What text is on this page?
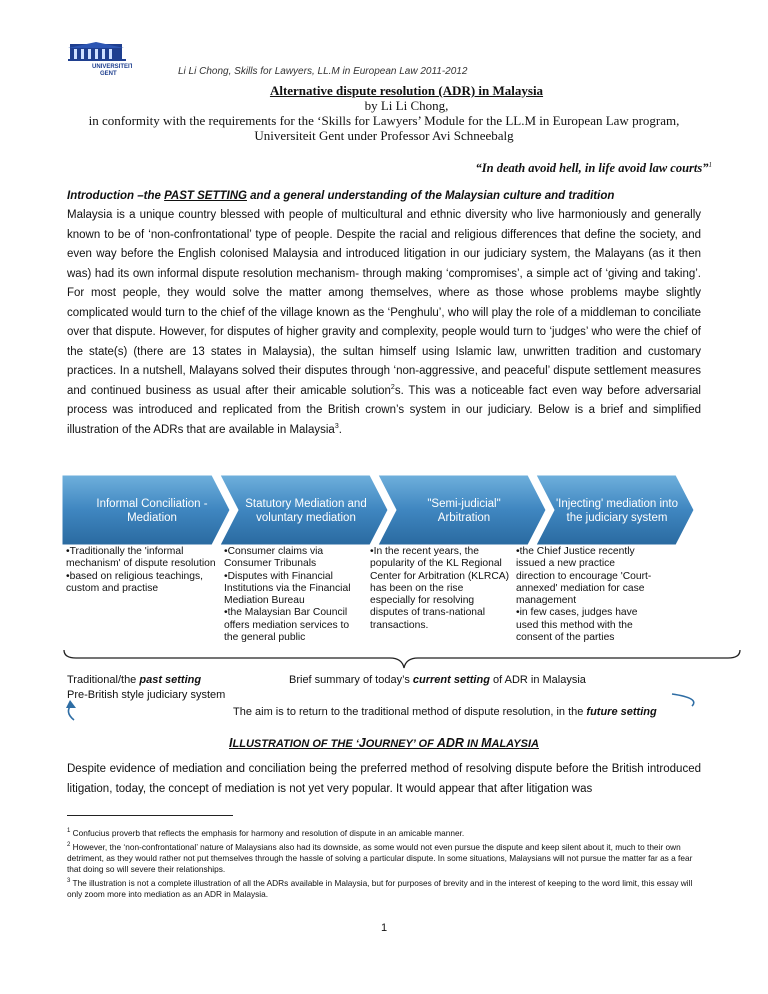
UNIVERSITEIT
GENT	Li Li Chong, Skills for Lawyers, LL.M in European Law 2011-2012
Alternative dispute resolution (ADR) in Malaysia
by Li Li Chong,
in conformity with the requirements for the ‘Skills for Lawyers’ Module for the LL.M in European Law program,
Universiteit Gent under Professor Avi Schneebalg
“In death avoid hell, in life avoid law courts”$^1$
Introduction –the PAST SETTING and a general understanding of the Malaysian culture and tradition
Malaysia is a unique country blessed with people of multicultural and ethnic diversity who live harmoniously and generally known to be of ‘non-confrontational’ type of people. Despite the racial and religious differences that define the society, and even way before the English colonised Malaysia and introduced litigation in our judiciary system, the Malayans (as it then was) had its own informal dispute resolution mechanism- through making ‘compromises’, a simple act of ‘giving and taking’. For most people, they would solve the matter among themselves, where as those whose problems maybe slightly complicated would turn to the chief of the village known as the ‘Penghulu’, who will play the role of a middleman to conciliate over that dispute. However, for disputes of higher gravity and complexity, people would turn to ‘judges’ who were the chief of the state(s) (there are 13 states in Malaysia), the sultan himself using Islamic law, unwritten tradition and customary practices. In a nutshell, Malayans solved their disputes through ‘non-aggressive, and peaceful’ dispute settlement measures and continued business as usual after their amicable solution$^2$s. This was a noticeable fact even way before adversarial process was introduced and replicated from the British crown’s system in our judiciary. Below is a brief and simplified illustration of the ADRs that are available in Malaysia$^3$.
Informal Conciliation - Mediation
Statutory Mediation and voluntary mediation
"Semi-judicial" Arbitration
'Injecting' mediation into the judiciary system
•Traditionally the 'informal mechanism' of dispute resolution
•based on religious teachings, custom and practise
•Consumer claims via Consumer Tribunals
•Disputes with Financial Institutions via the Financial Mediation Bureau
•the Malaysian Bar Council offers mediation services to the general public
•In the recent years, the popularity of the KL Regional Center for Arbitration (KLRCA) has been on the rise especially for resolving disputes of trans-national transactions.
•the Chief Justice recently issued a new practice direction to encourage 'Court-annexed' mediation for case management
•in few cases, judges have used this method with the consent of the parties
Traditional/the past setting
Pre-British style judiciary system
Brief summary of today’s current setting of ADR in Malaysia
The aim is to return to the traditional method of dispute resolution, in the future setting
ILLUSTRATION OF THE ‘JOURNEY’ OF ADR IN MALAYSIA
Despite evidence of mediation and conciliation being the preferred method of resolving dispute before the British introduced litigation, today, the concept of mediation is not yet very popular. It would appear that after litigation was
$^1$ Confucius proverb that reflects the emphasis for harmony and resolution of dispute in an amicable manner.
$^2$ However, the ‘non-confrontational’ nature of Malaysians also had its downside, as some would not even pursue the dispute and keep silent about it, much to their own detriment, as they would rather not put themselves through the hassle of solving a particular dispute. In some situations, Malaysians will not pursue the matter far as a fear that doing so will severe their relationships.
$^3$ The illustration is not a complete illustration of all the ADRs available in Malaysia, but for purposes of brevity and in the interest of keeping to the word limit, this essay will only zoom more into mediation as an ADR in Malaysia.
1
